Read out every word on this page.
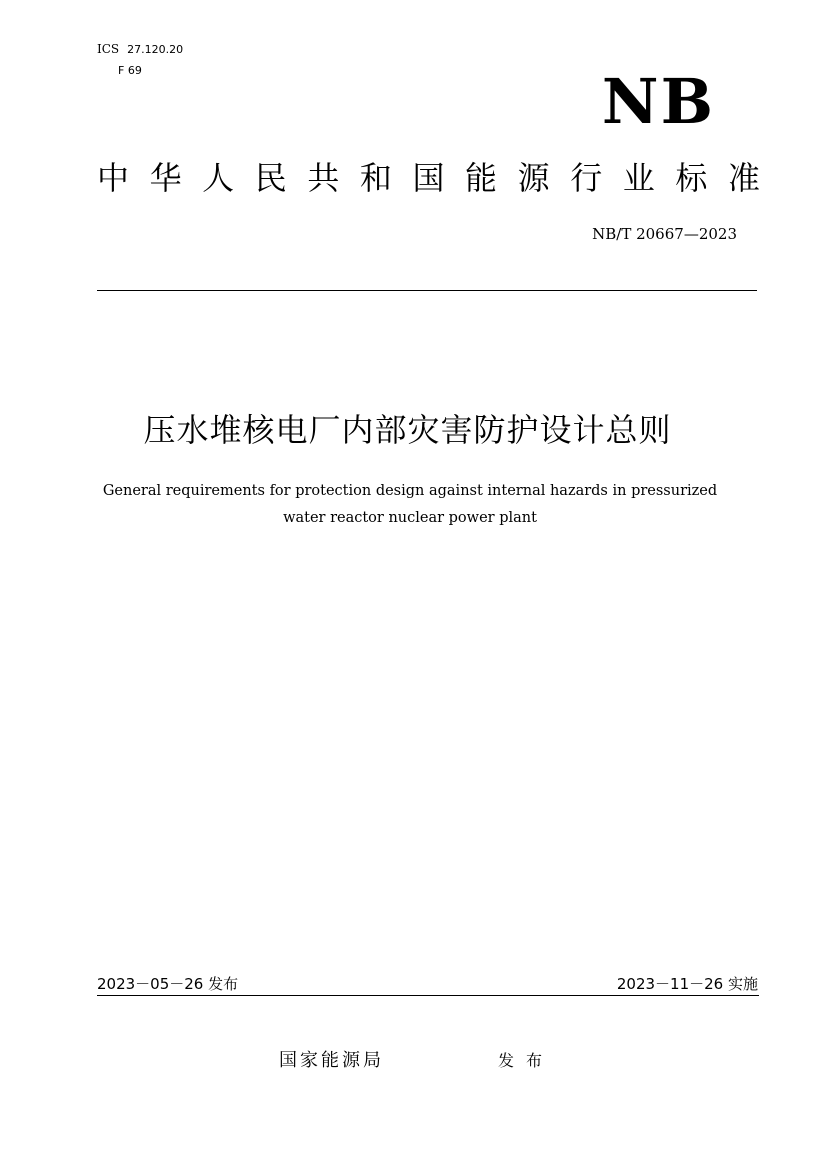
ICS 27.120.20
F 69	NB
中 华 人 民 共 和 国 能 源 行 业 标 准
NB/T 20667—2023
压水堆核电厂内部灾害防护设计总则
General requirements for protection design against internal hazards in pressurized
water reactor nuclear power plant
2023－05－26 发布	2023－11－26 实施
国家能源局	发 布
